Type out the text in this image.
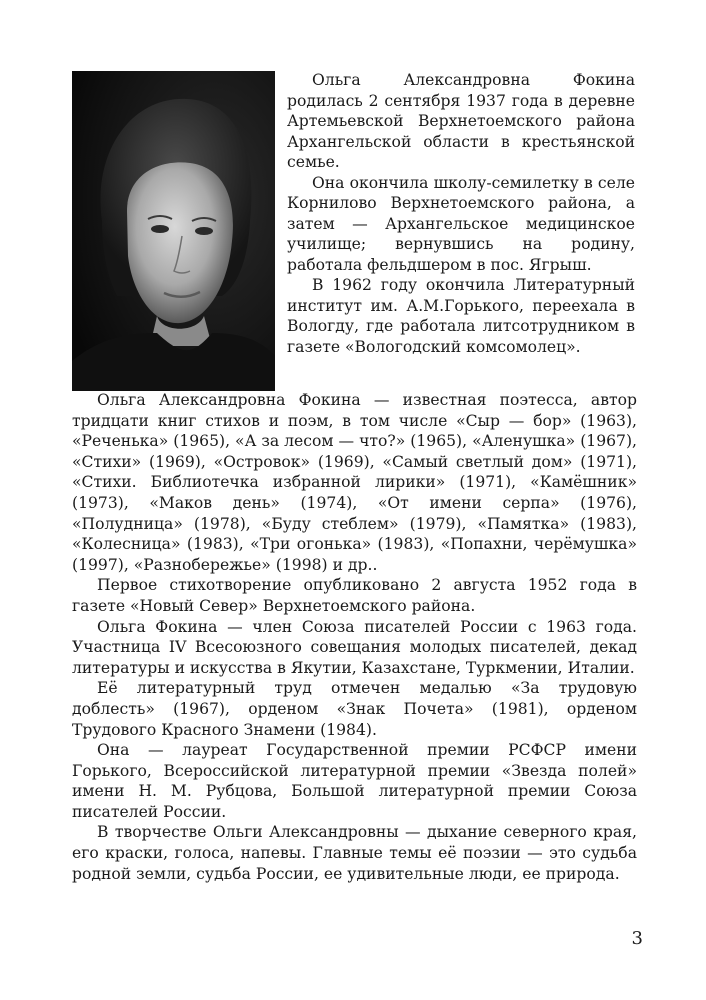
Ольга Александровна Фокина родилась 2 сентября 1937 года в деревне Артемьевской Верхнетоемского района Архангельской области в крестьянской семье.

Она окончила школу-семилетку в селе Корнилово Верхнетоемского района, а затем — Архангельское медицинское училище; вернувшись на родину, работала фельдшером в пос. Ягрыш.

В 1962 году окончила Литературный институт им. А.М.Горького, переехала в Вологду, где работала литсотрудником в газете «Вологодский комсомолец».

Ольга Александровна Фокина — известная поэтесса, автор тридцати книг стихов и поэм, в том числе «Сыр — бор» (1963), «Реченька» (1965), «А за лесом — что?» (1965), «Аленушка» (1967), «Стихи» (1969), «Островок» (1969), «Самый светлый дом» (1971), «Стихи. Библиотечка избранной лирики» (1971), «Камёшник» (1973), «Маков день» (1974), «От имени серпа» (1976), «Полудница» (1978), «Буду стеблем» (1979), «Памятка» (1983), «Колесница» (1983), «Три огонька» (1983), «Попахни, черёмушка» (1997), «Разнобережье» (1998) и др..

Первое стихотворение опубликовано 2 августа 1952 года в газете «Новый Север» Верхнетоемского района.

Ольга Фокина — член Союза писателей России с 1963 года. Участница IV Всесоюзного совещания молодых писателей, декад литературы и искусства в Якутии, Казахстане, Туркмении, Италии.

Её литературный труд отмечен медалью «За трудовую доблесть» (1967), орденом «Знак Почета» (1981), орденом Трудового Красного Знамени (1984).

Она — лауреат Государственной премии РСФСР имени Горького, Всероссийской литературной премии «Звезда полей» имени Н. М. Рубцова, Большой литературной премии Союза писателей России.

В творчестве Ольги Александровны — дыхание северного края, его краски, голоса, напевы. Главные темы её поэзии — это судьба родной земли, судьба России, ее удивительные люди, ее природа.

3
